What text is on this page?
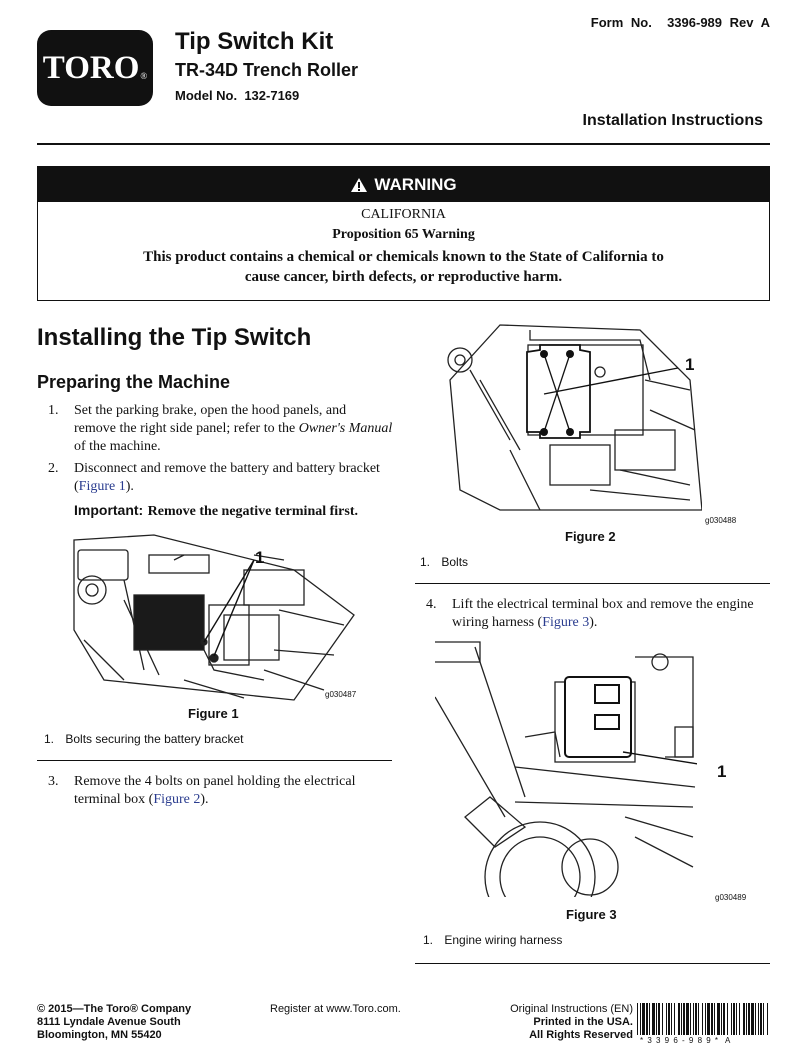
TORO®
Tip Switch Kit
TR-34D Trench Roller
Model No.  132-7169
Form No.  3396-989 Rev A
Installation Instructions
WARNING
CALIFORNIA
Proposition 65 Warning
This product contains a chemical or chemicals known to the State of California to
cause cancer, birth defects, or reproductive harm.
Installing the Tip Switch
Preparing the Machine
1. Set the parking brake, open the hood panels, and
remove the right side panel; refer to the Owner's Manual
of the machine.
2. Disconnect and remove the battery and battery bracket
(Figure 1).
Important: Remove the negative terminal first.
1
g030487
Figure 1
1. Bolts securing the battery bracket
3. Remove the 4 bolts on panel holding the electrical
terminal box (Figure 2).
1
g030488
Figure 2
1. Bolts
4. Lift the electrical terminal box and remove the engine
wiring harness (Figure 3).
1
g030489
Figure 3
1. Engine wiring harness
© 2015—The Toro® Company
8111 Lyndale Avenue South
Bloomington, MN 55420
Register at www.Toro.com.	Original Instructions (EN)
Printed in the USA.
All Rights Reserved * 3 3 9 6 - 9 8 9 *  A
